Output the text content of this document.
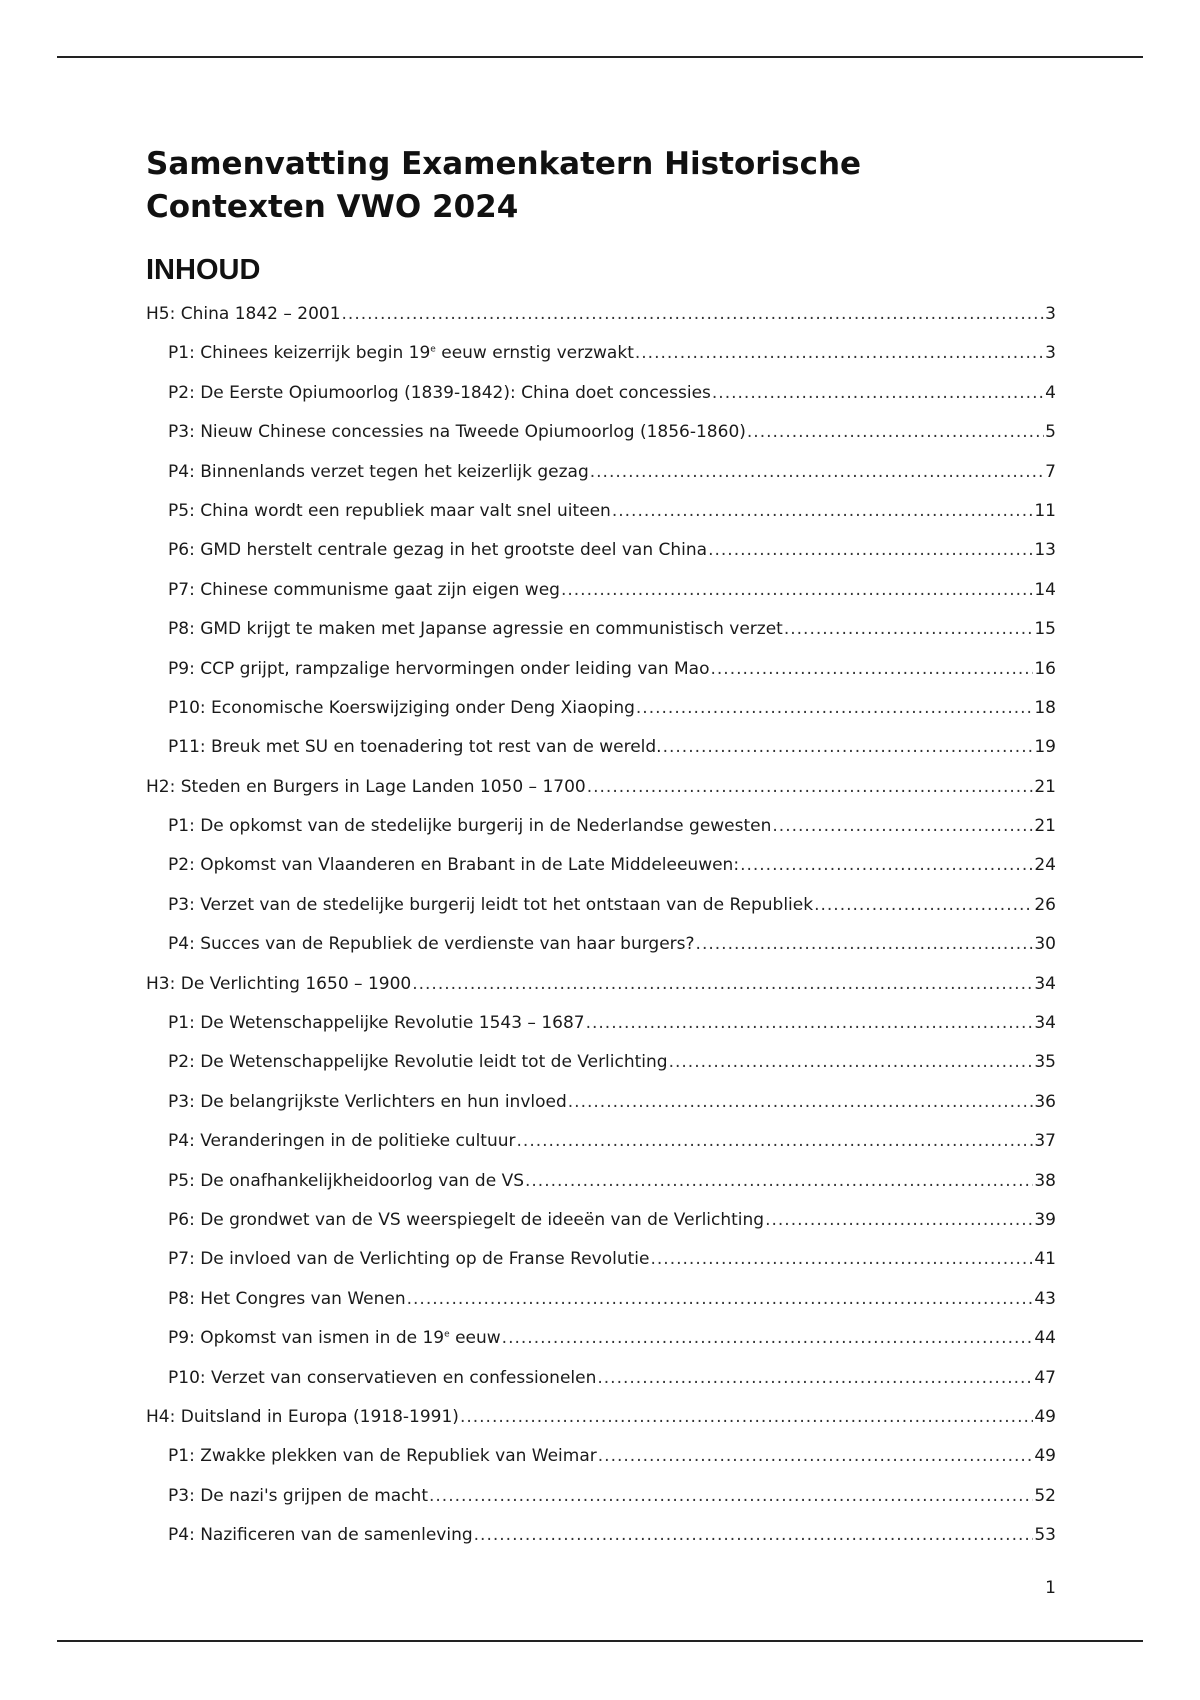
Samenvatting Examenkatern Historische Contexten VWO 2024
INHOUD
H5: China 1842 – 2001 .....	3
P1: Chinees keizerrijk begin 19e eeuw ernstig verzwakt .....	3
P2: De Eerste Opiumoorlog (1839-1842): China doet concessies .....	4
P3: Nieuw Chinese concessies na Tweede Opiumoorlog (1856-1860) .....	5
P4: Binnenlands verzet tegen het keizerlijk gezag .....	7
P5: China wordt een republiek maar valt snel uiteen .....	11
P6: GMD herstelt centrale gezag in het grootste deel van China .....	13
P7: Chinese communisme gaat zijn eigen weg .....	14
P8: GMD krijgt te maken met Japanse agressie en communistisch verzet .....	15
P9: CCP grijpt, rampzalige hervormingen onder leiding van Mao .....	16
P10: Economische Koerswijziging onder Deng Xiaoping .....	18
P11: Breuk met SU en toenadering tot rest van de wereld. .....	19
H2: Steden en Burgers in Lage Landen 1050 – 1700 .....	21
P1: De opkomst van de stedelijke burgerij in de Nederlandse gewesten .....	21
P2: Opkomst van Vlaanderen en Brabant in de Late Middeleeuwen: .....	24
P3: Verzet van de stedelijke burgerij leidt tot het ontstaan van de Republiek .....	26
P4: Succes van de Republiek de verdienste van haar burgers? .....	30
H3: De Verlichting 1650 – 1900 .....	34
P1: De Wetenschappelijke Revolutie 1543 – 1687 .....	34
P2: De Wetenschappelijke Revolutie leidt tot de Verlichting .....	35
P3: De belangrijkste Verlichters en hun invloed .....	36
P4: Veranderingen in de politieke cultuur .....	37
P5: De onafhankelijkheidoorlog van de VS .....	38
P6: De grondwet van de VS weerspiegelt de ideeën van de Verlichting .....	39
P7: De invloed van de Verlichting op de Franse Revolutie .....	41
P8: Het Congres van Wenen .....	43
P9: Opkomst van ismen in de 19e eeuw .....	44
P10: Verzet van conservatieven en confessionelen .....	47
H4: Duitsland in Europa (1918-1991) .....	49
P1: Zwakke plekken van de Republiek van Weimar .....	49
P3: De nazi's grijpen de macht .....	52
P4: Nazificeren van de samenleving .....	53
1
